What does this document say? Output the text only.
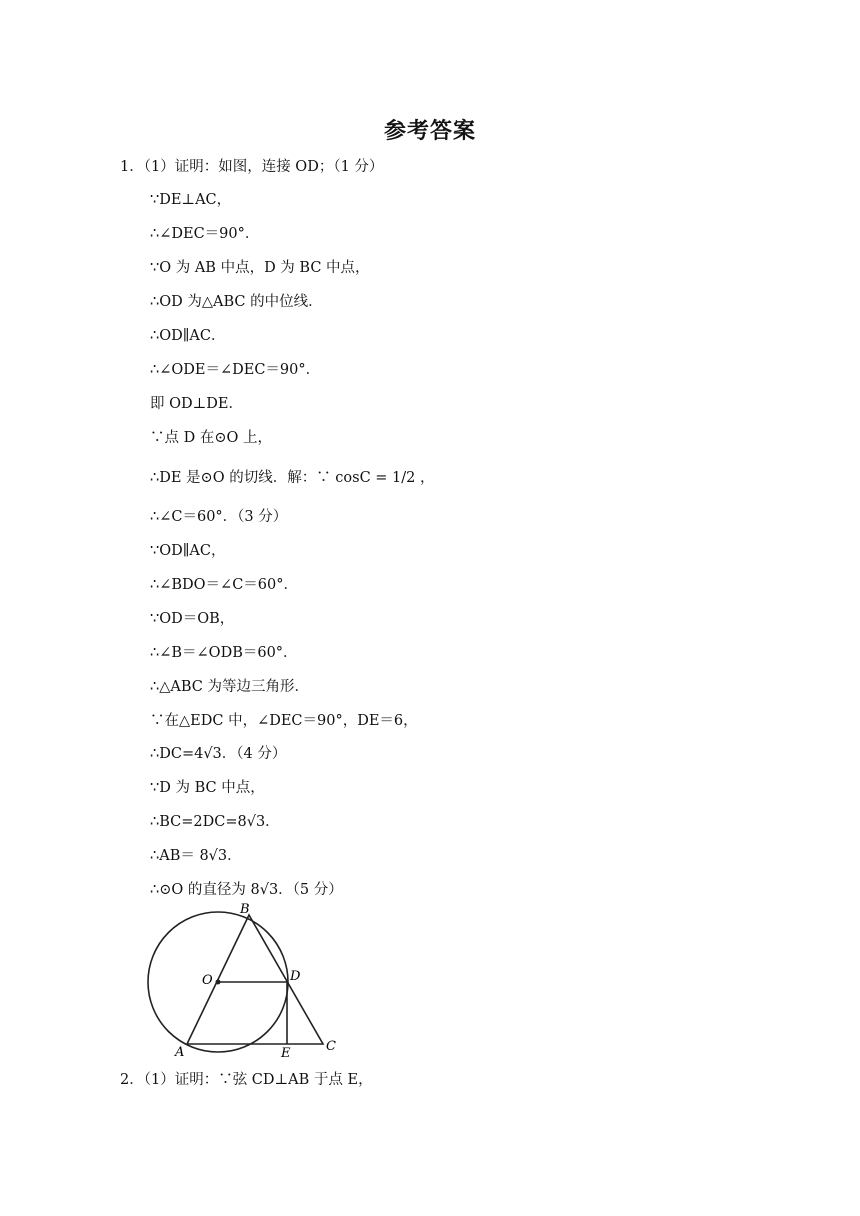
参考答案
1．（1）证明：如图，连接 OD；（1 分）
∵DE⊥AC，
∴∠DEC＝90°．
∵O 为 AB 中点，D 为 BC 中点，
∴OD 为△ABC 的中位线．
∴OD∥AC．
∴∠ODE＝∠DEC＝90°．
即 OD⊥DE．
∵点 D 在⊙O 上，
∴DE 是⊙O 的切线．解：∵ cosC = 1/2 ，
∴∠C＝60°．（3 分）
∵OD∥AC，
∴∠BDO＝∠C＝60°．
∵OD＝OB，
∴∠B＝∠ODB＝60°．
∴△ABC 为等边三角形．
∵在△EDC 中，∠DEC＝90°，DE＝6，
∴DC=4√3．（4 分）
∵D 为 BC 中点，
∴BC=2DC=8√3．
∴AB＝ 8√3．
∴⊙O 的直径为 8√3．（5 分）
2．（1）证明：∵弦 CD⊥AB 于点 E，
B
O	D
A	E	C
